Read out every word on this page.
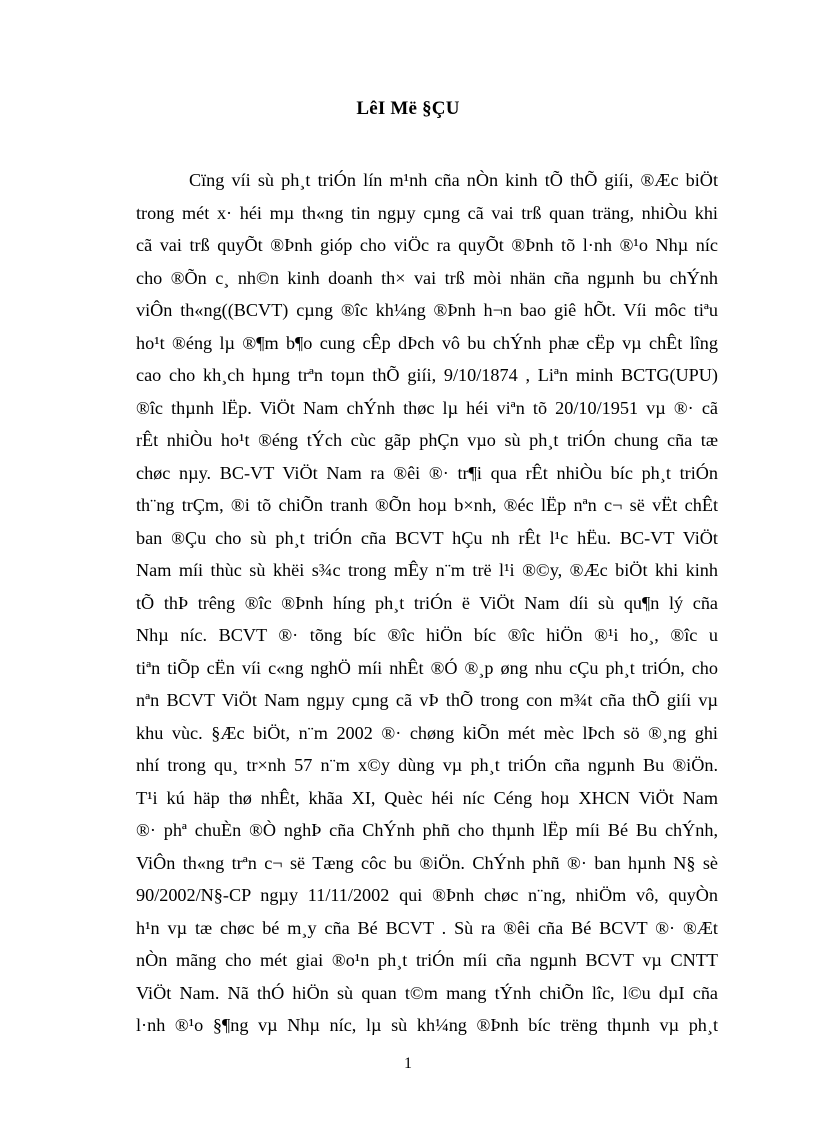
LêI Më §ÇU
Cïng víi sù ph¸t triÓn lín m¹nh cña nÒn kinh tÕ thÕ giíi, ®Æc biÖt
trong mét x· héi mµ th«ng tin ngµy cµng cã vai trß quan träng, nhiÒu khi
cã vai trß quyÕt ®Þnh gióp cho viÖc ra quyÕt ®Þnh tõ l·nh ®¹o Nhµ níc
cho ®Õn c¸ nh©n kinh doanh th× vai trß mòi nhän cña ngµnh bu chÝnh
viÔn th«ng((BCVT) cµng ®îc kh¼ng ®Þnh h¬n bao giê hÕt. Víi môc tiªu
ho¹t ®éng lµ ®¶m b¶o cung cÊp dÞch vô bu chÝnh phæ cËp vµ chÊt lîng
cao cho kh¸ch hµng trªn toµn thÕ giíi, 9/10/1874 , Liªn minh BCTG(UPU)
®îc thµnh lËp. ViÖt Nam chÝnh thøc lµ héi viªn tõ 20/10/1951 vµ ®· cã
rÊt nhiÒu ho¹t ®éng tÝch cùc gãp phÇn vµo sù ph¸t triÓn chung cña tæ
chøc nµy. BC-VT ViÖt Nam ra ®êi ®· tr¶i qua rÊt nhiÒu bíc ph¸t triÓn
th¨ng trÇm, ®i tõ chiÕn tranh ®Õn hoµ b×nh, ®éc lËp nªn c¬ së vËt chÊt
ban ®Çu cho sù ph¸t triÓn cña BCVT hÇu nh rÊt l¹c hËu. BC-VT ViÖt
Nam míi thùc sù khëi s¾c trong mÊy n¨m trë l¹i ®©y, ®Æc biÖt khi kinh
tÕ thÞ trêng ®îc ®Þnh híng ph¸t triÓn ë ViÖt Nam díi sù qu¶n lý cña
Nhµ níc. BCVT ®· tõng bíc ®îc hiÖn bíc ®îc hiÖn ®¹i ho¸, ®îc u
tiªn tiÕp cËn víi c«ng nghÖ míi nhÊt ®Ó ®¸p øng nhu cÇu ph¸t triÓn, cho
nªn BCVT ViÖt Nam ngµy cµng cã vÞ thÕ trong con m¾t cña thÕ giíi vµ
khu vùc. §Æc biÖt, n¨m 2002 ®· chøng kiÕn mét mèc lÞch sö ®¸ng ghi
nhí trong qu¸ tr×nh 57 n¨m x©y dùng vµ ph¸t triÓn cña ngµnh Bu ®iÖn.
T¹i kú häp thø nhÊt, khãa XI, Quèc héi níc Céng hoµ XHCN ViÖt Nam
®· phª chuÈn ®Ò nghÞ cña ChÝnh phñ cho thµnh lËp míi Bé Bu chÝnh,
ViÔn th«ng trªn c¬ së Tæng côc bu ®iÖn. ChÝnh phñ ®· ban hµnh N§ sè
90/2002/N§-CP ngµy 11/11/2002 qui ®Þnh chøc n¨ng, nhiÖm vô, quyÒn
h¹n vµ tæ chøc bé m¸y cña Bé BCVT . Sù ra ®êi cña Bé BCVT ®· ®Æt
nÒn mãng cho mét giai ®o¹n ph¸t triÓn míi cña ngµnh BCVT vµ CNTT
ViÖt Nam. Nã thÓ hiÖn sù quan t©m mang tÝnh chiÕn lîc, l©u dµI cña
l·nh ®¹o §¶ng vµ Nhµ níc, lµ sù kh¼ng ®Þnh bíc trëng thµnh vµ ph¸t
1
